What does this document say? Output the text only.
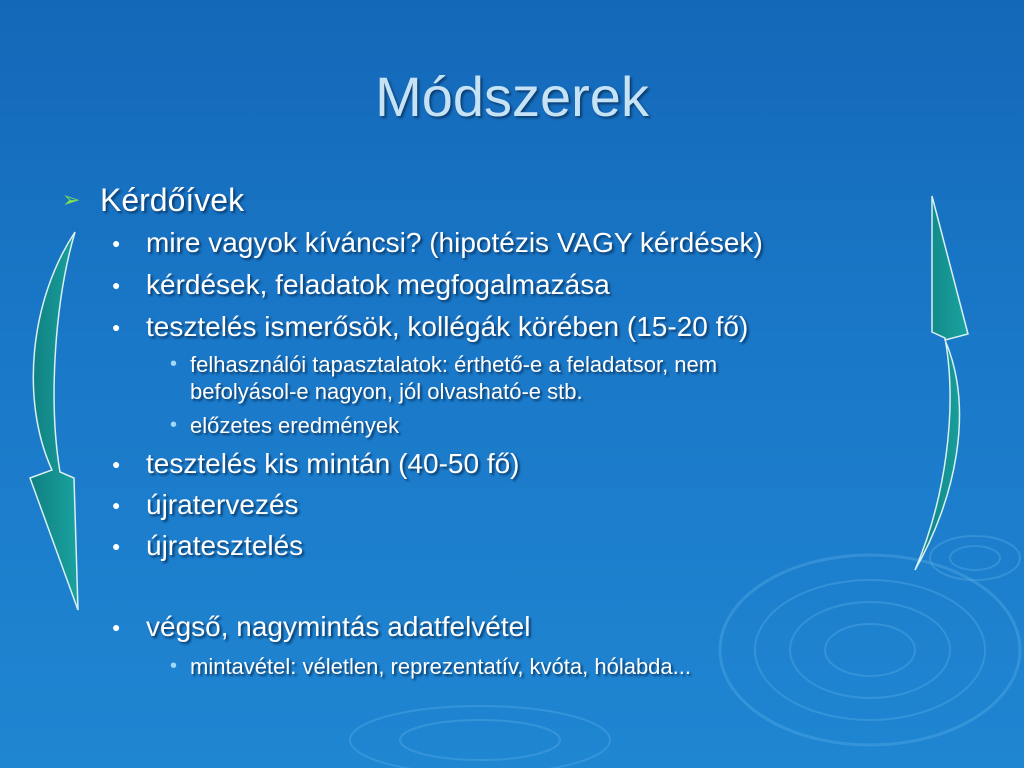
Módszerek
➢ Kérdőívek
● mire vagyok kíváncsi? (hipotézis VAGY kérdések)
● kérdések, feladatok megfogalmazása
● tesztelés ismerősök, kollégák körében (15-20 fő)
• felhasználói tapasztalatok: érthető-e a feladatsor, nem
befolyásol-e nagyon, jól olvasható-e stb.
• előzetes eredmények
● tesztelés kis mintán (40-50 fő)
● újratervezés
● újratesztelés
● végső, nagymintás adatfelvétel
• mintavétel: véletlen, reprezentatív, kvóta, hólabda...
